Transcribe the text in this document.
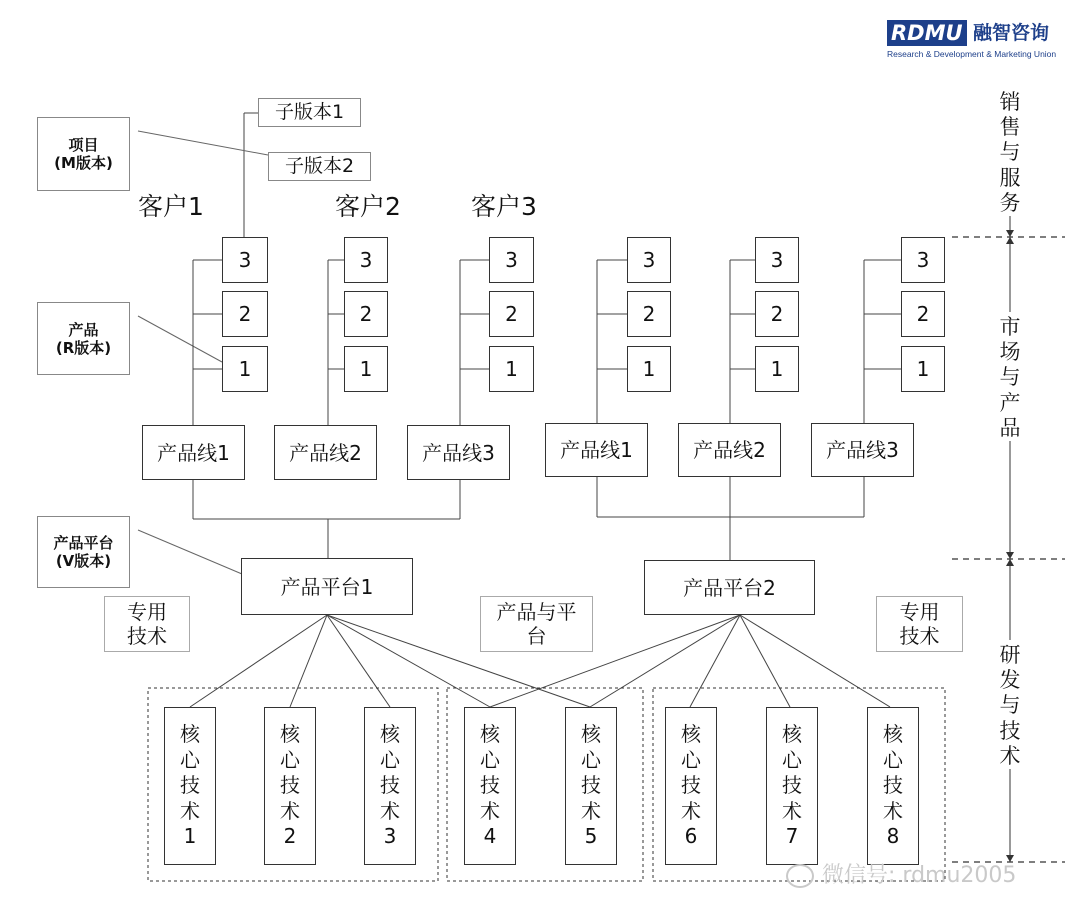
RDMU 融智咨询
Research & Development & Marketing Union
项目
(M版本)
产品
(R版本)
产品平台
(V版本)
子版本1
子版本2
客户1	客户2	客户3
3
2
1
3
2
1
3
2
1
3
2
1
3
2
1
3
2
1
产品线1	产品线2	产品线3	产品线1	产品线2	产品线3
产品平台1	产品平台2
专用
技术
产品与平
台
专用
技术
核
心
技
术
1
核
心
技
术
2
核
心
技
术
3
核
心
技
术
4
核
心
技
术
5
核
心
技
术
6
核
心
技
术
7
核
心
技
术
8
销售与服务
市场与产品
研发与技术
微信号: rdmu2005
